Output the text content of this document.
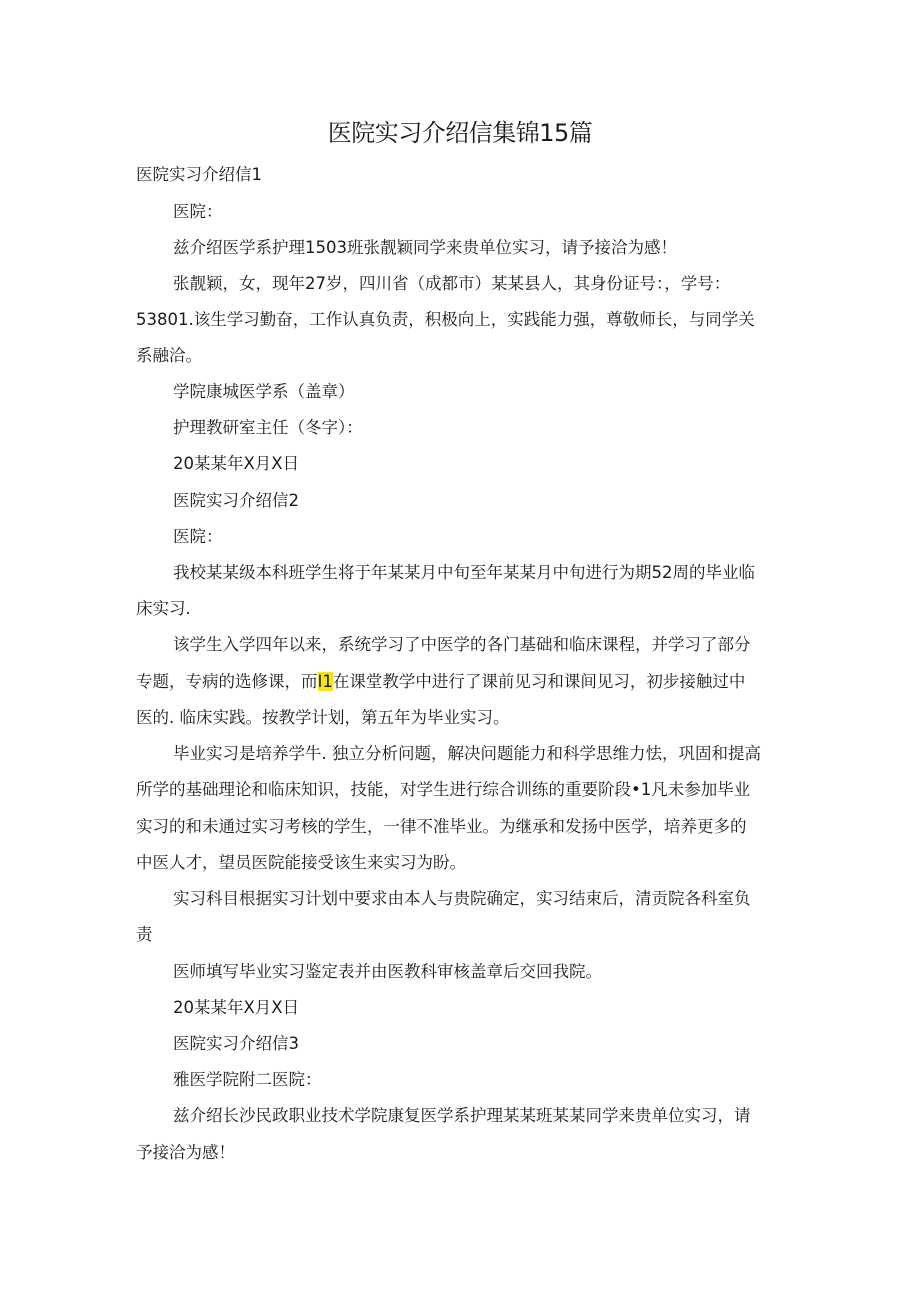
医院实习介绍信集锦15篇
医院实习介绍信1
医院：
兹介绍医学系护理1503班张靓颖同学来贵单位实习，请予接洽为感！
张靓颖，女，现年27岁，四川省（成都市）某某县人，其身份证号：，学号：
53801.该生学习勤奋，工作认真负责，积极向上，实践能力强，尊敬师长，与同学关
系融洽。
学院康城医学系（盖章）
护理教研室主任（冬字）：
20某某年X月X日
医院实习介绍信2
医院：
我校某某级本科班学生将于年某某月中旬至年某某月中旬进行为期52周的毕业临
床实习.
该学生入学四年以来，系统学习了中医学的各门基础和临床课程，并学习了部分
专题，专病的选修课，而I1在课堂教学中进行了课前见习和课间见习，初步接触过中
医的. 临床实践。按教学计划，第五年为毕业实习。
毕业实习是培养学牛. 独立分析问题，解决问题能力和科学思维力怯，巩固和提高
所学的基础理论和临床知识，技能，对学生进行综合训练的重要阶段•1凡未参加毕业
实习的和未通过实习考核的学生，一律不准毕业。为继承和发扬中医学，培养更多的
中医人才，望员医院能接受该生来实习为盼。
实习科目根据实习计划中要求由本人与贵院确定，实习结束后，清贡院各科室负
责
医师填写毕业实习鉴定表并由医教科审核盖章后交回我院。
20某某年X月X日
医院实习介绍信3
雅医学院附二医院：
兹介绍长沙民政职业技术学院康复医学系护理某某班某某同学来贵单位实习，请
予接洽为感！
